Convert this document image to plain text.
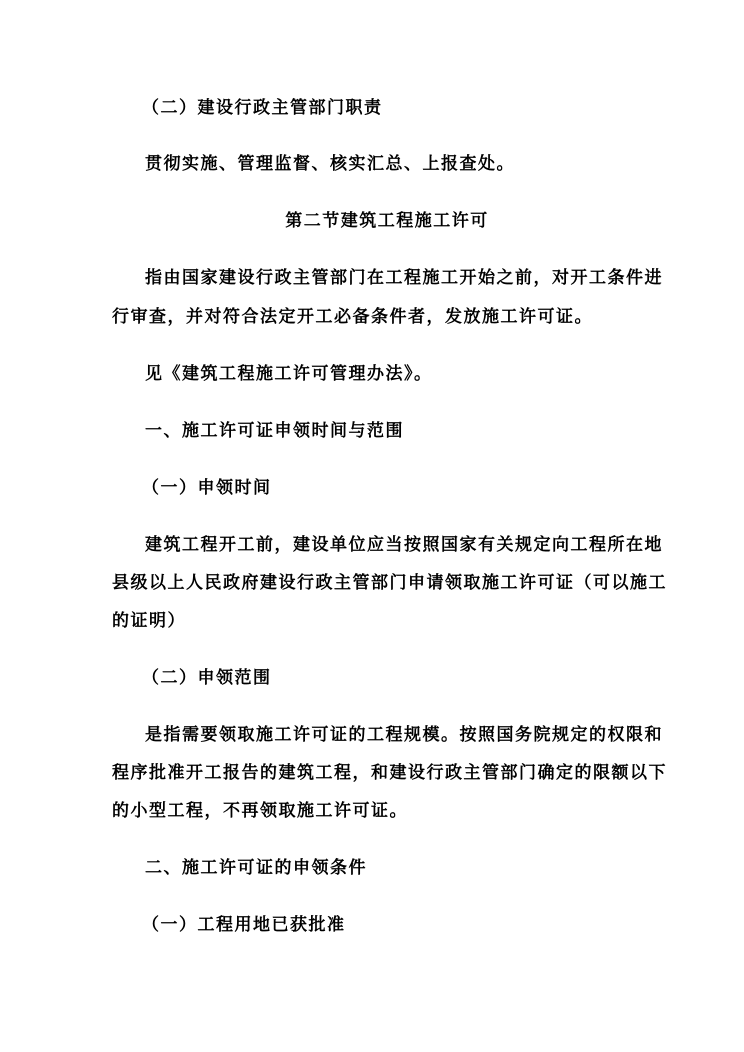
（二）建设行政主管部门职责
贯彻实施、管理监督、核实汇总、上报查处。
第二节建筑工程施工许可
指由国家建设行政主管部门在工程施工开始之前，对开工条件进
行审查，并对符合法定开工必备条件者，发放施工许可证。
见《建筑工程施工许可管理办法》。
一、施工许可证申领时间与范围
（一）申领时间
建筑工程开工前，建设单位应当按照国家有关规定向工程所在地
县级以上人民政府建设行政主管部门申请领取施工许可证（可以施工
的证明）
（二）申领范围
是指需要领取施工许可证的工程规模。按照国务院规定的权限和
程序批准开工报告的建筑工程，和建设行政主管部门确定的限额以下
的小型工程，不再领取施工许可证。
二、施工许可证的申领条件
（一）工程用地已获批准
